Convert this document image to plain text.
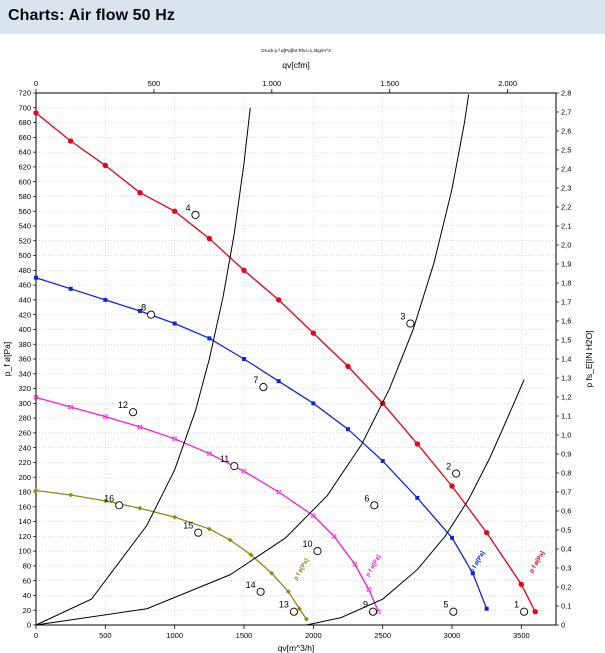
Charts: Air flow 50 Hz
Druck p f ø[Pa]für Rho=1,2kg/m^3
qv[cfm]
0	500	1.000	1.500	2.000
0
20
40
60
80
100
120
140
160
180
200
220
240
260
280
300
320
340
360
380
400
420
440
460
480
500
520
540
560
580
600
620
640
660
680
700
720
0	500	1000	1500	2000	2500	3000	3500
0
0,1
0,2
0,3
0,4
0,5
0,6
0,7
0,8
0,9
1,0
1,1
1,2
1,3
1,4
1,5
1,6
1,7
1,8
1,9
2,0
2,1
2,2
2,3
2,4
2,5
2,6
2,7
2,8
qv[m^3/h]
p_f ø[Pa]	p fs_E[IN H2O]
4
8
3
7
12
11
2
16	6
15
10
14
13	9	5	1
p f ø[Pa]	p f ø[Pa]	p f ø[Pa]	p f ø[Pa]
